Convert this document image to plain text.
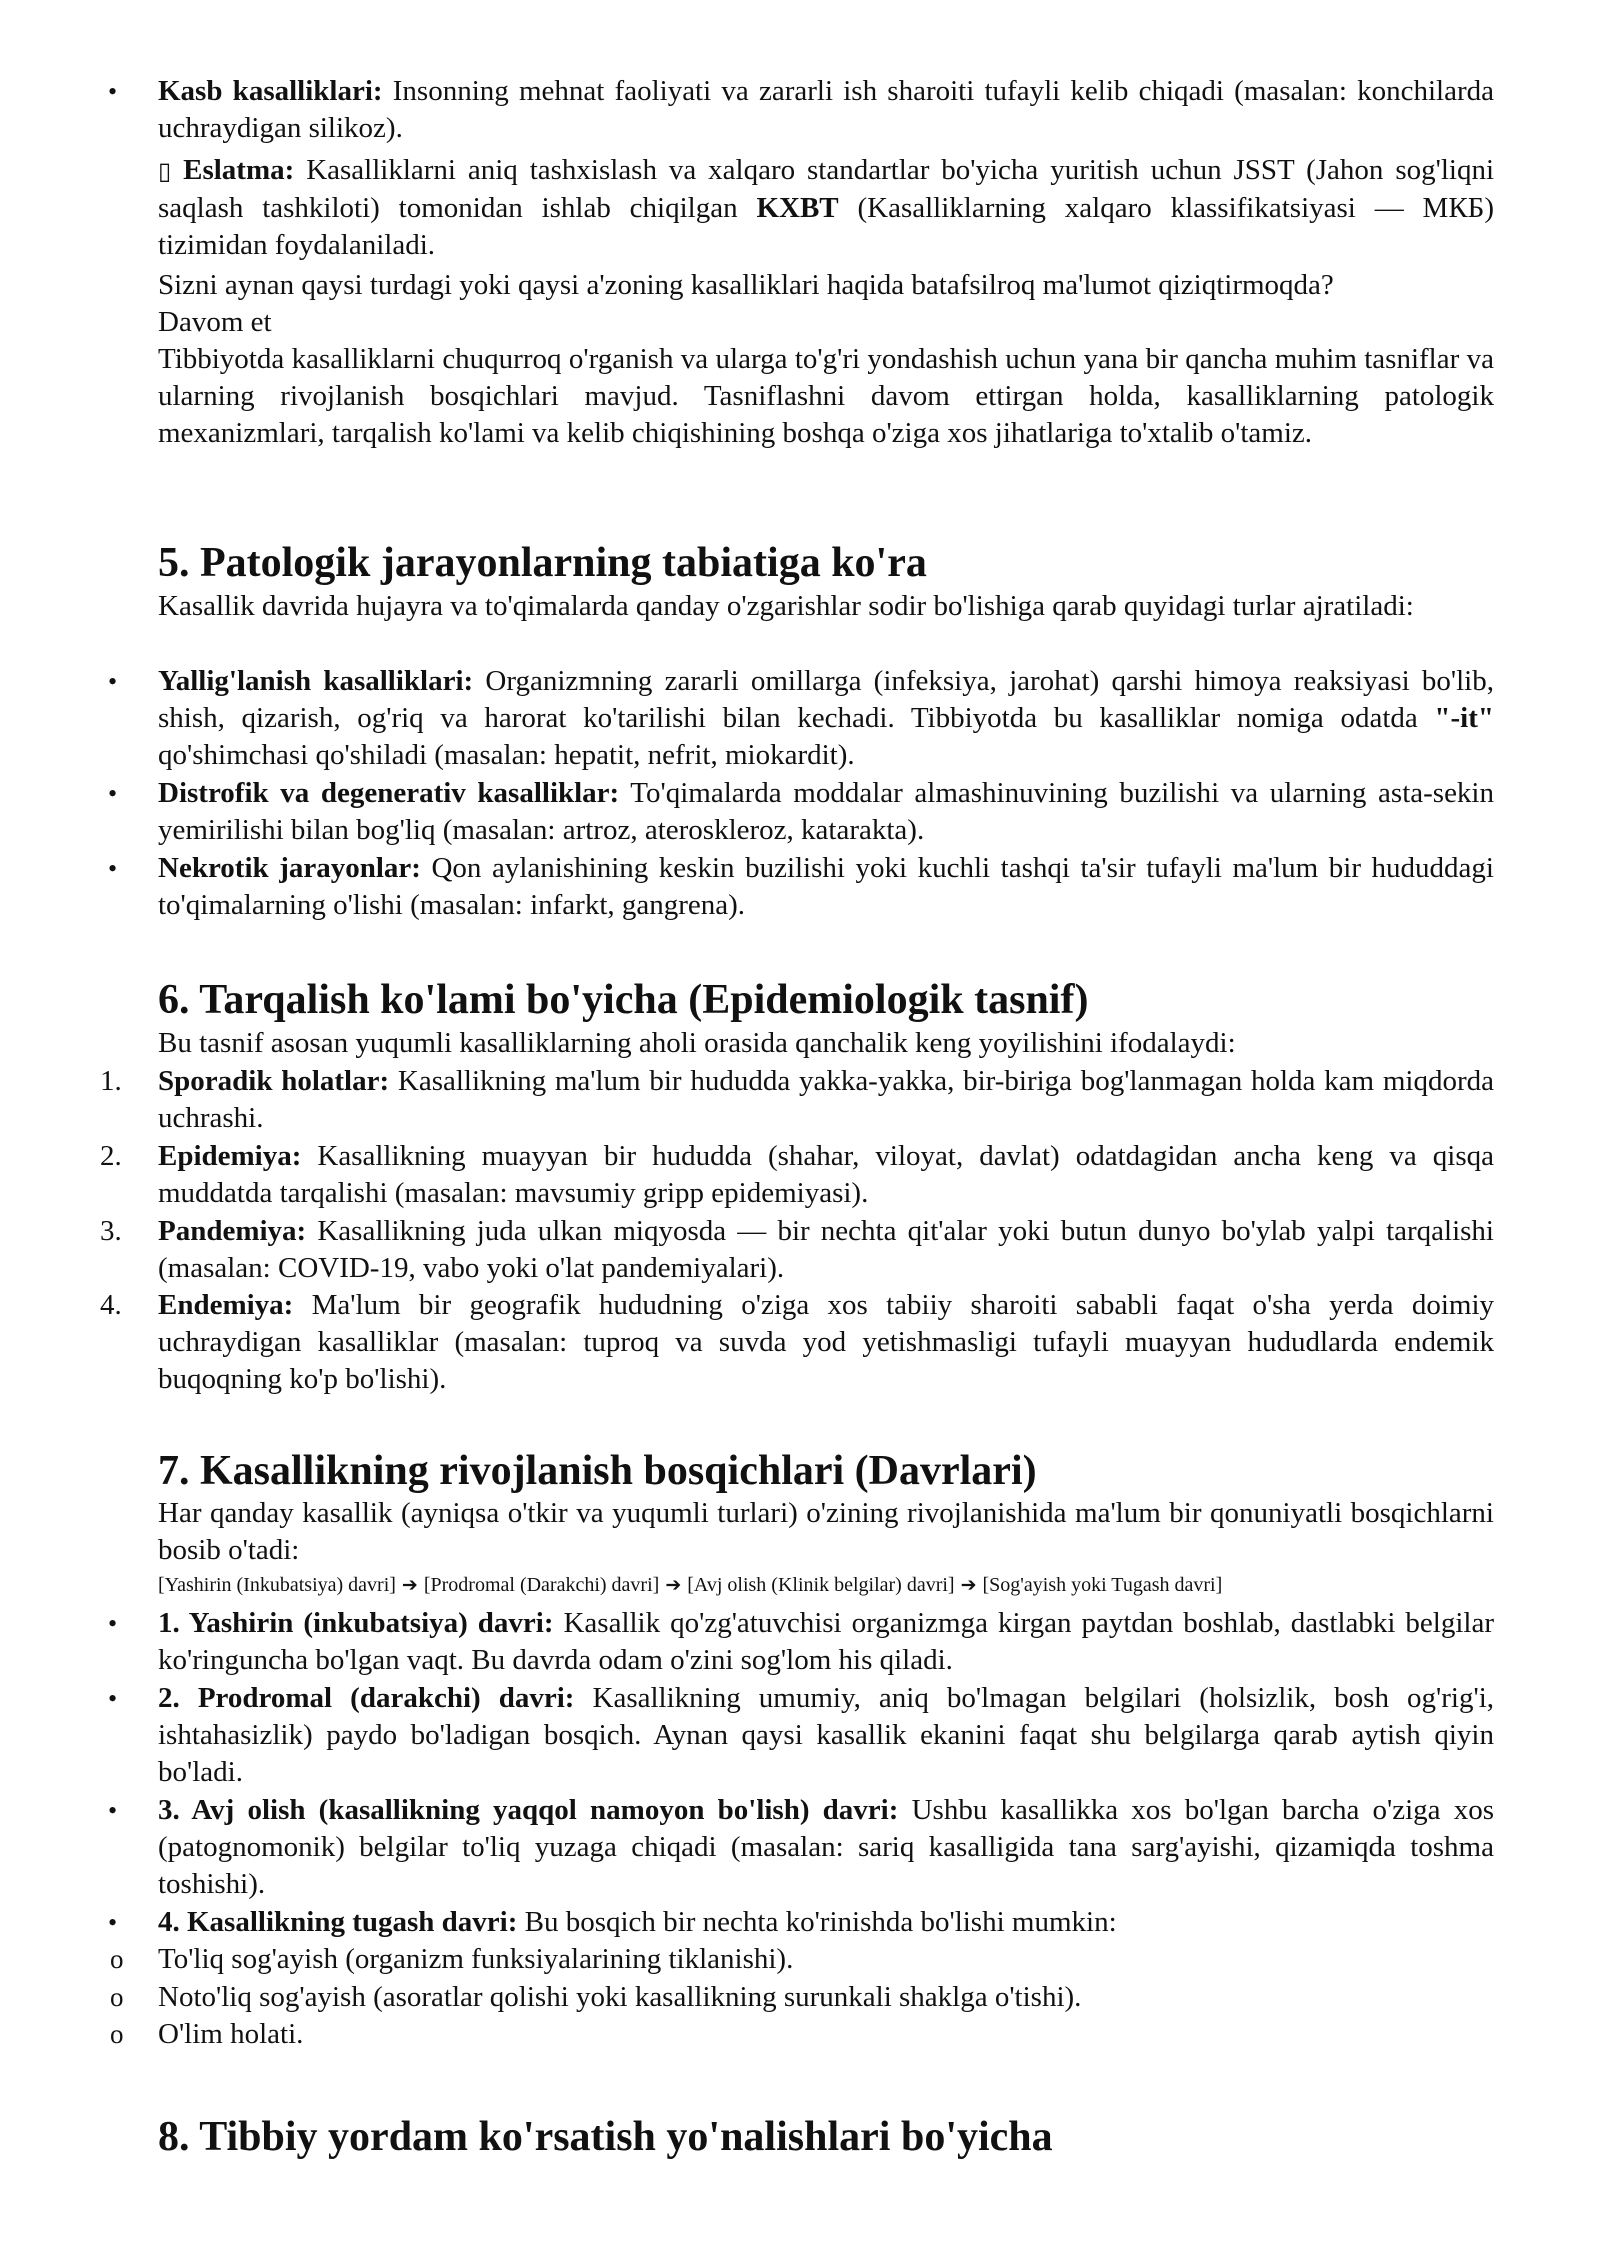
•	Kasb kasalliklari: Insonning mehnat faoliyati va zararli ish sharoiti tufayli kelib chiqadi (masalan: konchilarda uchraydigan silikoz).
▯ Eslatma: Kasalliklarni aniq tashxislash va xalqaro standartlar bo'yicha yuritish uchun JSST (Jahon sog'liqni saqlash tashkiloti) tomonidan ishlab chiqilgan KXBT (Kasalliklarning xalqaro klassifikatsiyasi — МКБ) tizimidan foydalaniladi.
Sizni aynan qaysi turdagi yoki qaysi a'zoning kasalliklari haqida batafsilroq ma'lumot qiziqtirmoqda?
Davom et
Tibbiyotda kasalliklarni chuqurroq o'rganish va ularga to'g'ri yondashish uchun yana bir qancha muhim tasniflar va ularning rivojlanish bosqichlari mavjud. Tasniflashni davom ettirgan holda, kasalliklarning patologik mexanizmlari, tarqalish ko'lami va kelib chiqishining boshqa o'ziga xos jihatlariga to'xtalib o'tamiz.
5. Patologik jarayonlarning tabiatiga ko'ra
Kasallik davrida hujayra va to'qimalarda qanday o'zgarishlar sodir bo'lishiga qarab quyidagi turlar ajratiladi:
•	Yallig'lanish kasalliklari: Organizmning zararli omillarga (infeksiya, jarohat) qarshi himoya reaksiyasi bo'lib, shish, qizarish, og'riq va harorat ko'tarilishi bilan kechadi. Tibbiyotda bu kasalliklar nomiga odatda "-it" qo'shimchasi qo'shiladi (masalan: hepatit, nefrit, miokardit).
•	Distrofik va degenerativ kasalliklar: To'qimalarda moddalar almashinuvining buzilishi va ularning asta-sekin yemirilishi bilan bog'liq (masalan: artroz, ateroskleroz, katarakta).
•	Nekrotik jarayonlar: Qon aylanishining keskin buzilishi yoki kuchli tashqi ta'sir tufayli ma'lum bir hududdagi to'qimalarning o'lishi (masalan: infarkt, gangrena).
6. Tarqalish ko'lami bo'yicha (Epidemiologik tasnif)
Bu tasnif asosan yuqumli kasalliklarning aholi orasida qanchalik keng yoyilishini ifodalaydi:
1.	Sporadik holatlar: Kasallikning ma'lum bir hududda yakka-yakka, bir-biriga bog'lanmagan holda kam miqdorda uchrashi.
2.	Epidemiya: Kasallikning muayyan bir hududda (shahar, viloyat, davlat) odatdagidan ancha keng va qisqa muddatda tarqalishi (masalan: mavsumiy gripp epidemiyasi).
3.	Pandemiya: Kasallikning juda ulkan miqyosda — bir nechta qit'alar yoki butun dunyo bo'ylab yalpi tarqalishi (masalan: COVID-19, vabo yoki o'lat pandemiyalari).
4.	Endemiya: Ma'lum bir geografik hududning o'ziga xos tabiiy sharoiti sababli faqat o'sha yerda doimiy uchraydigan kasalliklar (masalan: tuproq va suvda yod yetishmasligi tufayli muayyan hududlarda endemik buqoqning ko'p bo'lishi).
7. Kasallikning rivojlanish bosqichlari (Davrlari)
Har qanday kasallik (ayniqsa o'tkir va yuqumli turlari) o'zining rivojlanishida ma'lum bir qonuniyatli bosqichlarni bosib o'tadi:
[Yashirin (Inkubatsiya) davri] ➔ [Prodromal (Darakchi) davri] ➔ [Avj olish (Klinik belgilar) davri] ➔ [Sog'ayish yoki Tugash davri]
•	1. Yashirin (inkubatsiya) davri: Kasallik qo'zg'atuvchisi organizmga kirgan paytdan boshlab, dastlabki belgilar ko'ringuncha bo'lgan vaqt. Bu davrda odam o'zini sog'lom his qiladi.
•	2. Prodromal (darakchi) davri: Kasallikning umumiy, aniq bo'lmagan belgilari (holsizlik, bosh og'rig'i, ishtahasizlik) paydo bo'ladigan bosqich. Aynan qaysi kasallik ekanini faqat shu belgilarga qarab aytish qiyin bo'ladi.
•	3. Avj olish (kasallikning yaqqol namoyon bo'lish) davri: Ushbu kasallikka xos bo'lgan barcha o'ziga xos (patognomonik) belgilar to'liq yuzaga chiqadi (masalan: sariq kasalligida tana sarg'ayishi, qizamiqda toshma toshishi).
•	4. Kasallikning tugash davri: Bu bosqich bir nechta ko'rinishda bo'lishi mumkin:
o	To'liq sog'ayish (organizm funksiyalarining tiklanishi).
o	Noto'liq sog'ayish (asoratlar qolishi yoki kasallikning surunkali shaklga o'tishi).
o	O'lim holati.
8. Tibbiy yordam ko'rsatish yo'nalishlari bo'yicha
